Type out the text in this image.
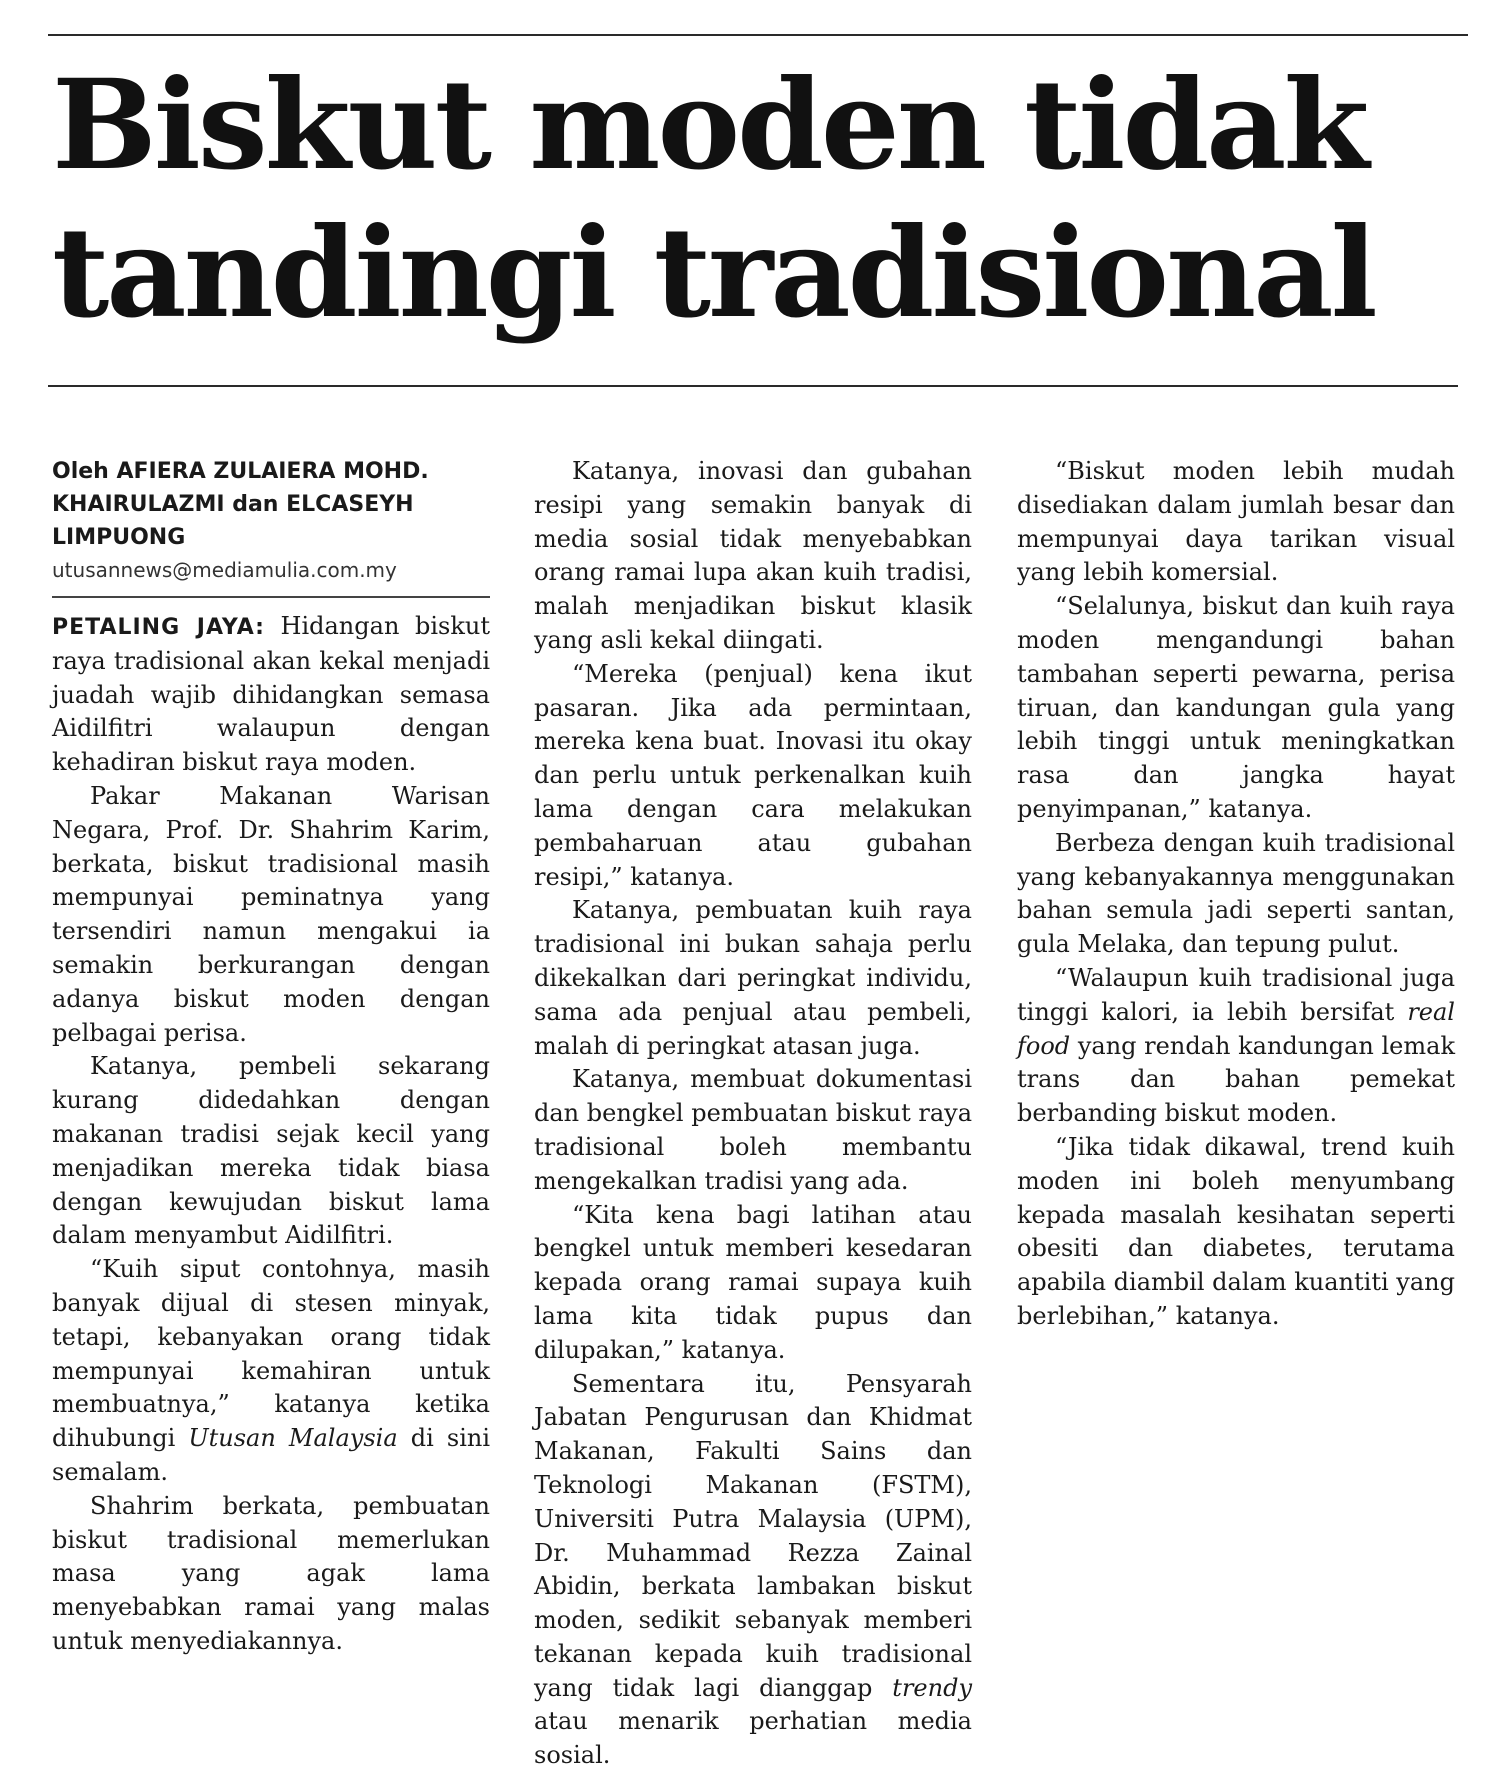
Biskut moden tidak
tandingi tradisional

Oleh AFIERA ZULAIERA MOHD.
KHAIRULAZMI dan ELCASEYH
LIMPUONG

utusannews@mediamulia.com.my

PETALING JAYA: Hidangan biskut raya tradisional akan kekal menjadi juadah wajib dihidangkan semasa Aidilfitri walaupun dengan kehadiran biskut raya moden.

Pakar Makanan Warisan Negara, Prof. Dr. Shahrim Karim, berkata, biskut tradisional masih mempunyai peminatnya yang tersendiri namun mengakui ia semakin berkurangan dengan adanya biskut moden dengan pelbagai perisa.

Katanya, pembeli sekarang kurang didedahkan dengan makanan tradisi sejak kecil yang menjadikan mereka tidak biasa dengan kewujudan biskut lama dalam menyambut Aidilfitri.

“Kuih siput contohnya, masih banyak dijual di stesen minyak, tetapi, kebanyakan orang tidak mempunyai kemahiran untuk membuatnya,” katanya ketika dihubungi Utusan Malaysia di sini semalam.

Shahrim berkata, pembuatan biskut tradisional memerlukan masa yang agak lama menyebabkan ramai yang malas untuk menyediakannya.

Katanya, inovasi dan gubahan resipi yang semakin banyak di media sosial tidak menyebabkan orang ramai lupa akan kuih tradisi, malah menjadikan biskut klasik yang asli kekal diingati.

“Mereka (penjual) kena ikut pasaran. Jika ada permintaan, mereka kena buat. Inovasi itu okay dan perlu untuk perkenalkan kuih lama dengan cara melakukan pembaharuan atau gubahan resipi,” katanya.

Katanya, pembuatan kuih raya tradisional ini bukan sahaja perlu dikekalkan dari peringkat individu, sama ada penjual atau pembeli, malah di peringkat atasan juga.

Katanya, membuat dokumentasi dan bengkel pembuatan biskut raya tradisional boleh membantu mengekalkan tradisi yang ada.

“Kita kena bagi latihan atau bengkel untuk memberi kesedaran kepada orang ramai supaya kuih lama kita tidak pupus dan dilupakan,” katanya.

Sementara itu, Pensyarah Jabatan Pengurusan dan Khidmat Makanan, Fakulti Sains dan Teknologi Makanan (FSTM), Universiti Putra Malaysia (UPM), Dr. Muhammad Rezza Zainal Abidin, berkata lambakan biskut moden, sedikit sebanyak memberi tekanan kepada kuih tradisional yang tidak lagi dianggap trendy atau menarik perhatian media sosial.

“Biskut moden lebih mudah disediakan dalam jumlah besar dan mempunyai daya tarikan visual yang lebih komersial.

“Selalunya, biskut dan kuih raya moden mengandungi bahan tambahan seperti pewarna, perisa tiruan, dan kandungan gula yang lebih tinggi untuk meningkatkan rasa dan jangka hayat penyimpanan,” katanya.

Berbeza dengan kuih tradisional yang kebanyakannya menggunakan bahan semula jadi seperti santan, gula Melaka, dan tepung pulut.

“Walaupun kuih tradisional juga tinggi kalori, ia lebih bersifat real food yang rendah kandungan lemak trans dan bahan pemekat berbanding biskut moden.

“Jika tidak dikawal, trend kuih moden ini boleh menyumbang kepada masalah kesihatan seperti obesiti dan diabetes, terutama apabila diambil dalam kuantiti yang berlebihan,” katanya.
